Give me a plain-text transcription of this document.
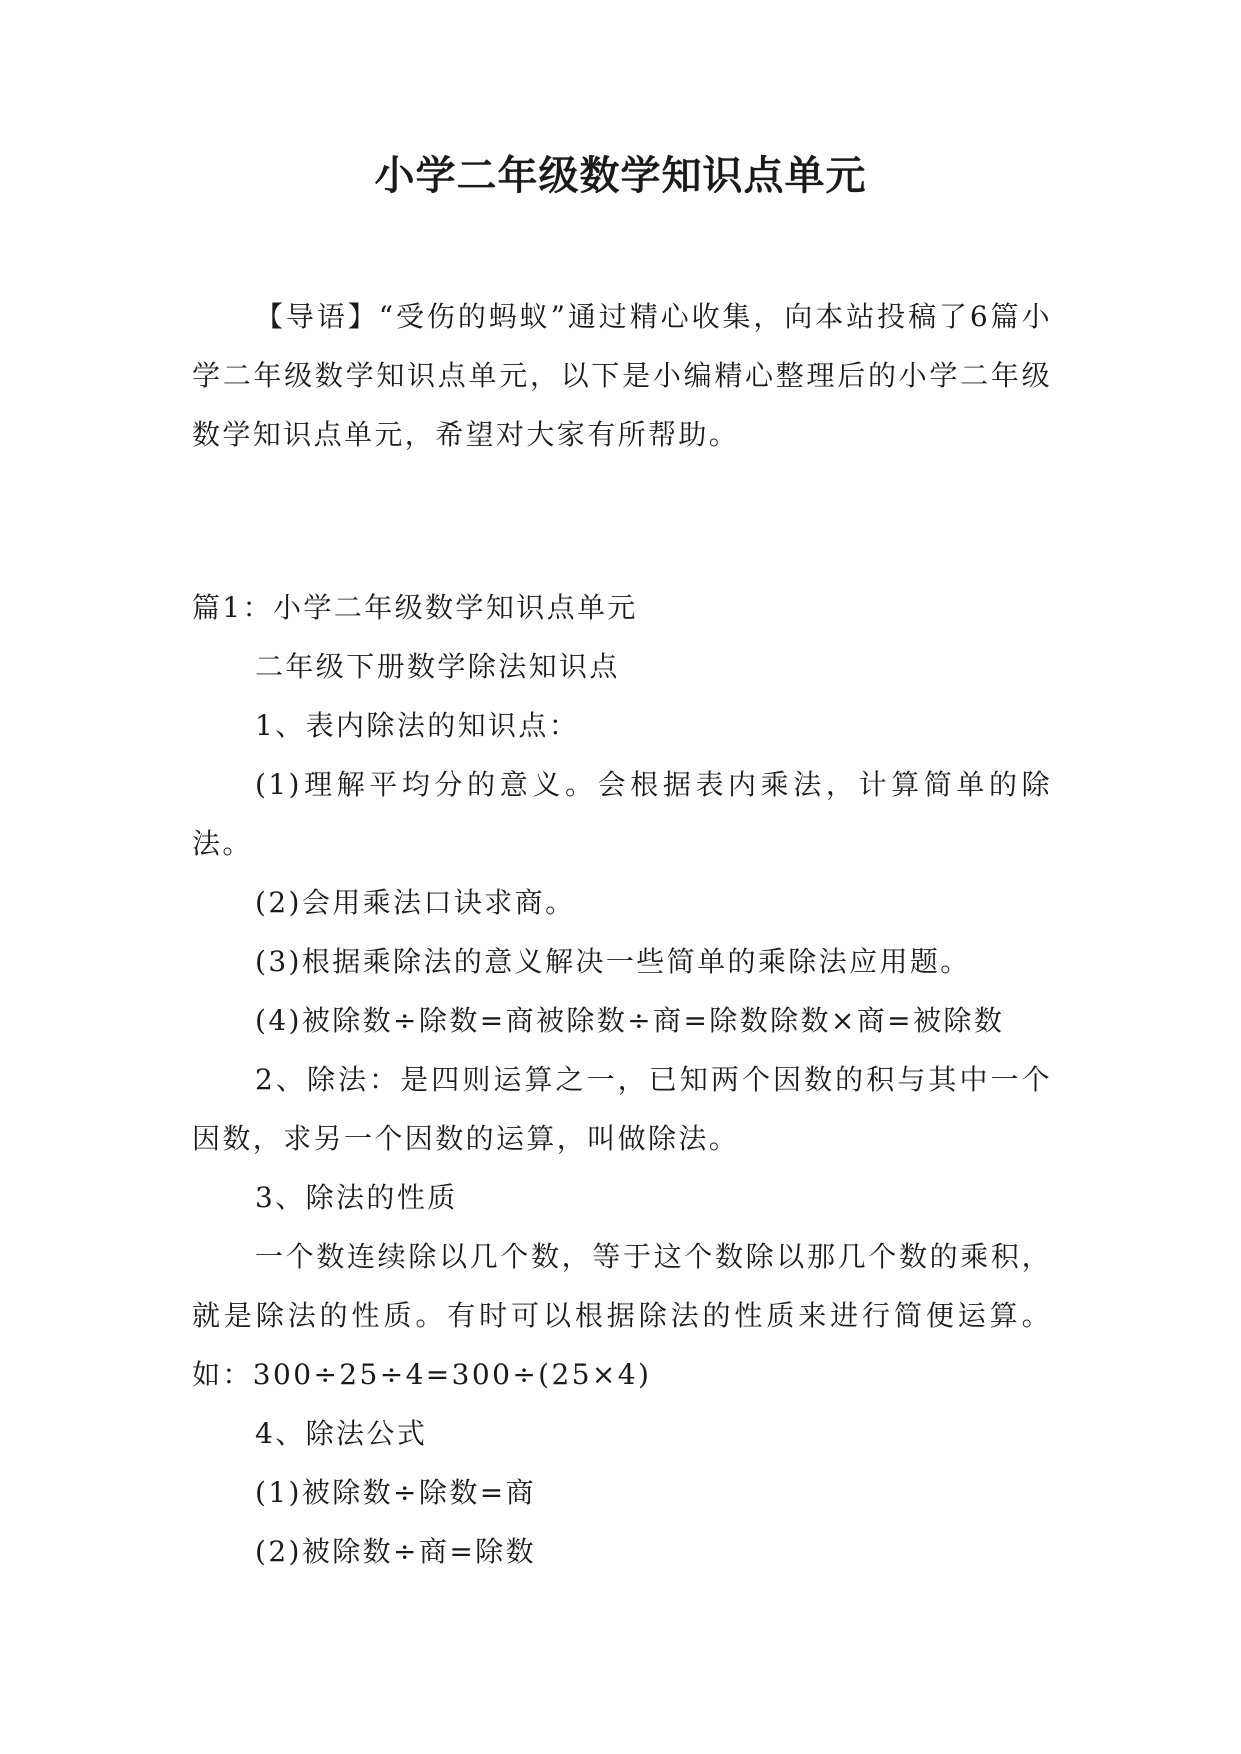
小学二年级数学知识点单元

【导语】“受伤的蚂蚁”通过精心收集，向本站投稿了6篇小学二年级数学知识点单元，以下是小编精心整理后的小学二年级数学知识点单元，希望对大家有所帮助。

篇1：小学二年级数学知识点单元

二年级下册数学除法知识点

1、表内除法的知识点：

(1)理解平均分的意义。会根据表内乘法，计算简单的除法。

(2)会用乘法口诀求商。

(3)根据乘除法的意义解决一些简单的乘除法应用题。

(4)被除数÷除数=商被除数÷商=除数除数×商=被除数

2、除法：是四则运算之一，已知两个因数的积与其中一个因数，求另一个因数的运算，叫做除法。

3、除法的性质

一个数连续除以几个数，等于这个数除以那几个数的乘积，就是除法的性质。有时可以根据除法的性质来进行简便运算。如：300÷25÷4=300÷(25×4)

4、除法公式

(1)被除数÷除数=商

(2)被除数÷商=除数
